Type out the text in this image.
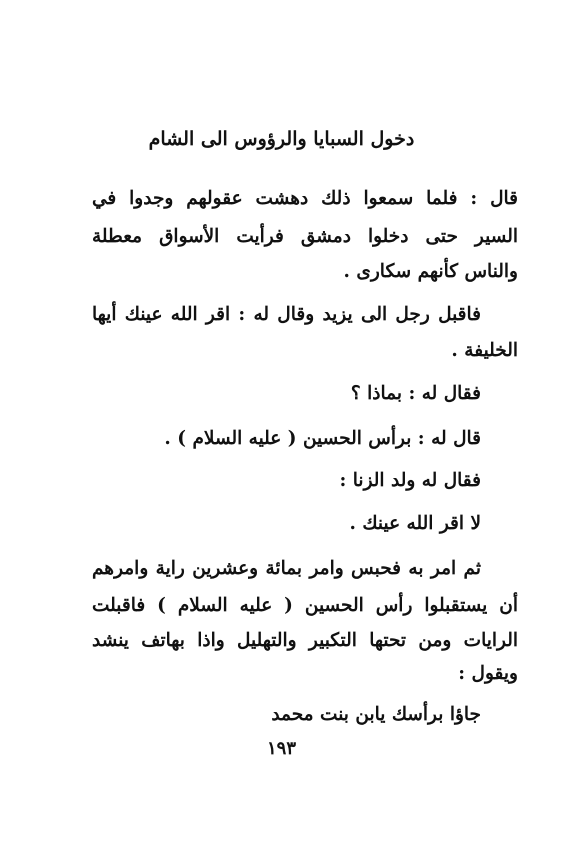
دخول السبايا والرؤوس الى الشام
قال : فلما سمعوا ذلك دهشت عقولهم وجدوا في
السير حتى دخلوا دمشق فرأيت الأسواق معطلة
والناس كأنهم سكارى .
فاقبل رجل الى يزيد وقال له : اقر الله عينك أيها
الخليفة .
فقال له : بماذا ؟
قال له : برأس الحسين ( عليه السلام ) .
فقال له ولد الزنا :
لا اقر الله عينك .
ثم امر به فحبس وامر بمائة وعشرين راية وامرهم
أن يستقبلوا رأس الحسين ( عليه السلام ) فاقبلت
الرايات ومن تحتها التكبير والتهليل واذا بهاتف ينشد
ويقول :
جاؤا برأسك يابن بنت محمد
١٩٣
